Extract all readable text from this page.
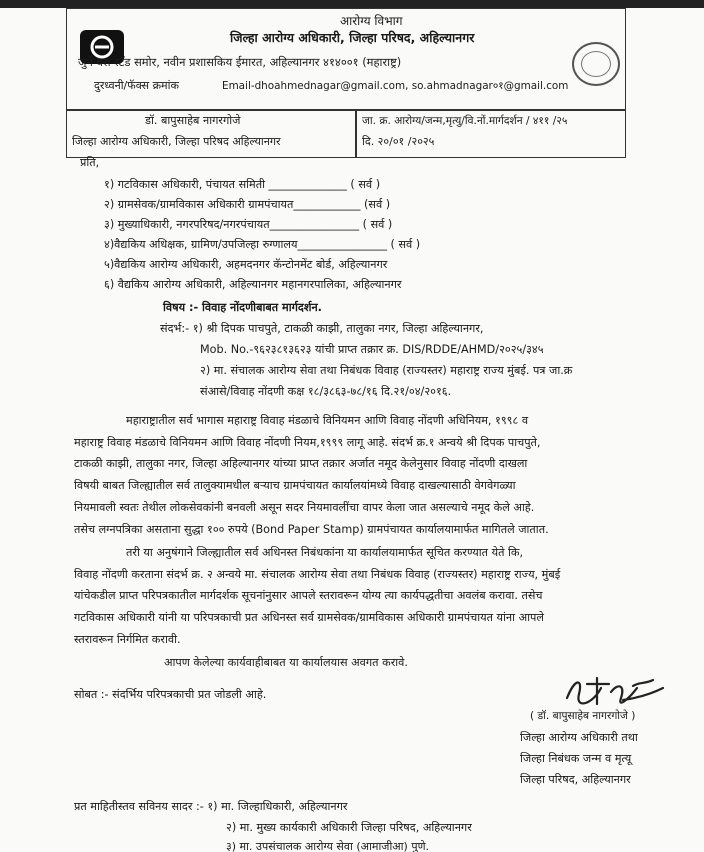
आरोग्य विभाग
जिल्हा आरोग्य अधिकारी, जिल्हा परिषद, अहिल्यानगर
जुने बस स्टँड समोर, नवीन प्रशासकिय ईमारत, अहिल्यानगर ४१४००१ (महाराष्ट्र)
दुरध्वनी/फॅक्स क्रमांक	Email-dhoahmednagar@gmail.com, so.ahmadnagar०१@gmail.com
डॉ. बापुसाहेब नागरगोजे
जिल्हा आरोग्य अधिकारी, जिल्हा परिषद अहिल्यानगर
जा. क्र. आरोग्य/जन्म,मृत्यु/वि.नों.मार्गदर्शन / ४११ /२५
दि. २०/०१ /२०२५
प्रति,
१) गटविकास अधिकारी, पंचायत समिती ______________ ( सर्व )
२) ग्रामसेवक/ग्रामविकास अधिकारी ग्रामपंचायत____________ (सर्व )
३) मुख्याधिकारी, नगरपरिषद/नगरपंचायत________________ ( सर्व )
४)वैद्यकिय अधिक्षक, ग्रामिण/उपजिल्हा रुग्णालय________________ ( सर्व )
५)वैद्यकिय आरोग्य अधिकारी, अहमदनगर कॅन्टोनमेंट बोर्ड, अहिल्यानगर
६) वैद्यकिय आरोग्य अधिकारी, अहिल्यानगर महानगरपालिका, अहिल्यानगर
विषय :- विवाह नोंदणीबाबत मार्गदर्शन.
संदर्भ:- १) श्री दिपक पाचपुते, टाकळी काझी, तालुका नगर, जिल्हा अहिल्यानगर,
Mob. No.-९६२३८१३६२३ यांची प्राप्त तक्रार क्र. DIS/RDDE/AHMD/२०२५/३४५
२) मा. संचालक आरोग्य सेवा तथा निबंधक विवाह (राज्यस्तर) महाराष्ट्र राज्य मुंबई. पत्र जा.क्र
संआसे/विवाह नोंदणी कक्ष १८/३८६३-७८/१६ दि.२१/०४/२०१६.
महाराष्ट्रातील सर्व भागास महाराष्ट्र विवाह मंडळाचे विनियमन आणि विवाह नोंदणी अधिनियम, १९९८ व
महाराष्ट्र विवाह मंडळाचे विनियमन आणि विवाह नोंदणी नियम,१९९९ लागू आहे. संदर्भ क्र.१ अन्वये श्री दिपक पाचपुते,
टाकळी काझी, तालुका नगर, जिल्हा अहिल्यानगर यांच्या प्राप्त तक्रार अर्जात नमूद केलेनुसार विवाह नोंदणी दाखला
विषयी बाबत जिल्ह्यातील सर्व तालुक्यामधील बऱ्याच ग्रामपंचायत कार्यालयांमध्ये विवाह दाखल्यासाठी वेगवेगळ्या
नियमावली स्वतः तेथील लोकसेवकांनी बनवली असून सदर नियमावलींचा वापर केला जात असल्याचे नमूद केले आहे.
तसेच लग्नपत्रिका असताना सुद्धा १०० रुपये (Bond Paper Stamp) ग्रामपंचायत कार्यालयामार्फत मागितले जातात.
तरी या अनुषंगाने जिल्ह्यातील सर्व अधिनस्त निबंधकांना या कार्यालयामार्फत सूचित करण्यात येते कि,
विवाह नोंदणी करताना संदर्भ क्र. २ अन्वये मा. संचालक आरोग्य सेवा तथा निबंधक विवाह (राज्यस्तर) महाराष्ट्र राज्य, मुंबई
यांचेकडील प्राप्त परिपत्रकातील मार्गदर्शक सूचनांनुसार आपले स्तरावरून योग्य त्या कार्यपद्धतीचा अवलंब करावा. तसेच
गटविकास अधिकारी यांनी या परिपत्रकाची प्रत अधिनस्त सर्व ग्रामसेवक/ग्रामविकास अधिकारी ग्रामपंचायत यांना आपले
स्तरावरून निर्गमित करावी.
आपण केलेल्या कार्यवाहीबाबत या कार्यालयास अवगत करावे.
सोबत :- संदर्भिय परिपत्रकाची प्रत जोडली आहे.
( डॉ. बापुसाहेब नागरगोजे )
जिल्हा आरोग्य अधिकारी तथा
जिल्हा निबंधक जन्म व मृत्यू
जिल्हा परिषद, अहिल्यानगर
प्रत माहितीस्तव सविनय सादर :- १) मा. जिल्हाधिकारी, अहिल्यानगर
२) मा. मुख्य कार्यकारी अधिकारी जिल्हा परिषद, अहिल्यानगर
३) मा. उपसंचालक आरोग्य सेवा (आमाजीआ) पुणे.
